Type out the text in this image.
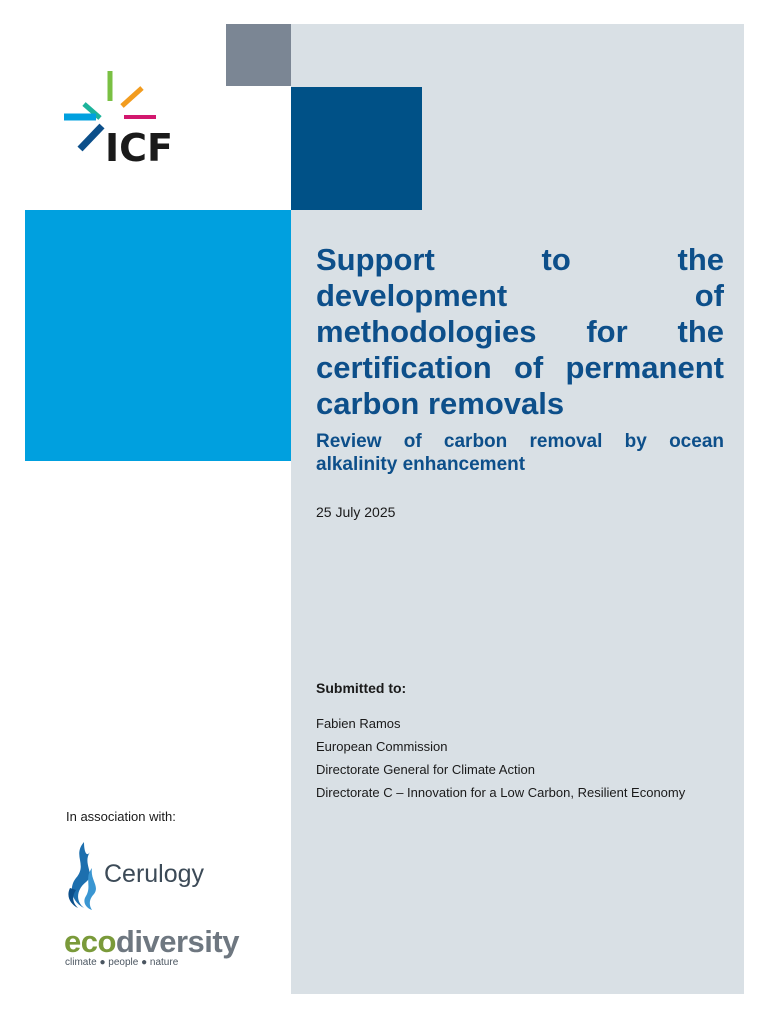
ICF
Support to the development of methodologies for the certification of permanent carbon removals

Review of carbon removal by ocean alkalinity enhancement

25 July 2025
Submitted to:
Fabien Ramos
European Commission
Directorate General for Climate Action
Directorate C – Innovation for a Low Carbon, Resilient Economy
In association with:
Cerulogy
ecodiversity
climate ● people ● nature
